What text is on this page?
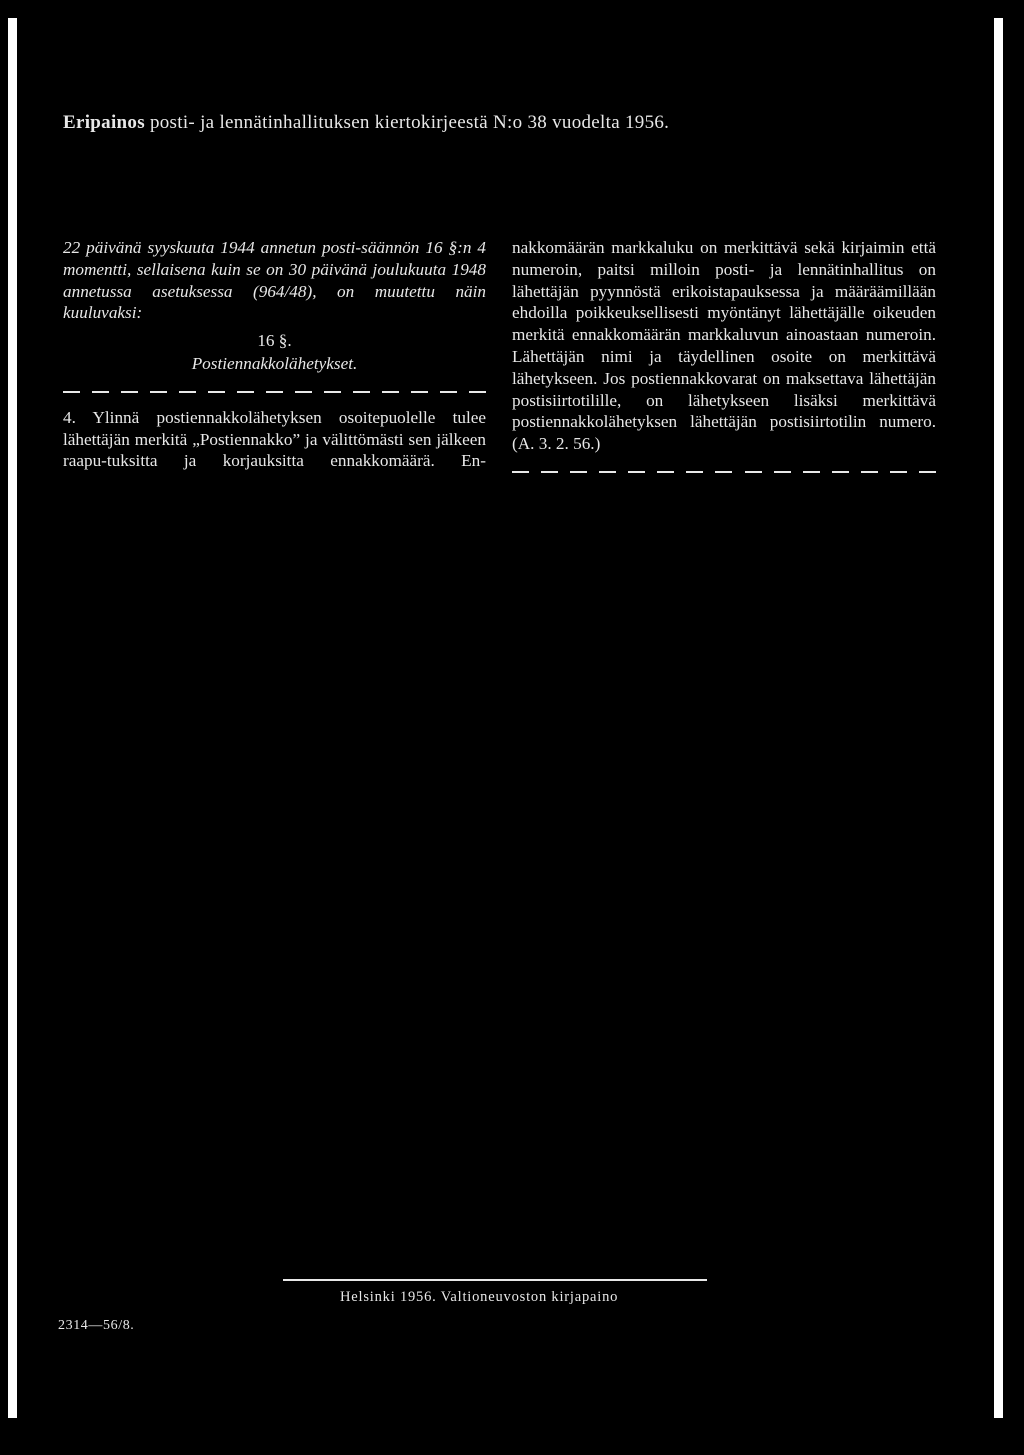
Eripainos posti- ja lennätinhallituksen kiertokirjeestä N:o 38 vuodelta 1956.
22 päivänä syyskuuta 1944 annetun posti-säännön 16 §:n 4 momentti, sellaisena kuin se on 30 päivänä joulukuuta 1948 annetussa asetuksessa (964/48), on muutettu näin kuuluvaksi:
16 §.
Postiennakkolähetykset.
4. Ylinnä postiennakkolähetyksen osoitepuolelle tulee lähettäjän merkitä „Postiennakko” ja välittömästi sen jälkeen raapu-tuksitta ja korjauksitta ennakkomäärä. En-
nakkomäärän markkaluku on merkittävä sekä kirjaimin että numeroin, paitsi milloin posti- ja lennätinhallitus on lähettäjän pyynnöstä erikoistapauksessa ja määräämillään ehdoilla poikkeuksellisesti myöntänyt lähettäjälle oikeuden merkitä ennakkomäärän markkaluvun ainoastaan numeroin. Lähettäjän nimi ja täydellinen osoite on merkittävä lähetykseen. Jos postiennakkovarat on maksettava lähettäjän postisiirtotilille, on lähetykseen lisäksi merkittävä postiennakkolähetyksen lähettäjän postisiirtotilin numero. (A. 3. 2. 56.)
Helsinki 1956. Valtioneuvoston kirjapaino
2314—56/8.
